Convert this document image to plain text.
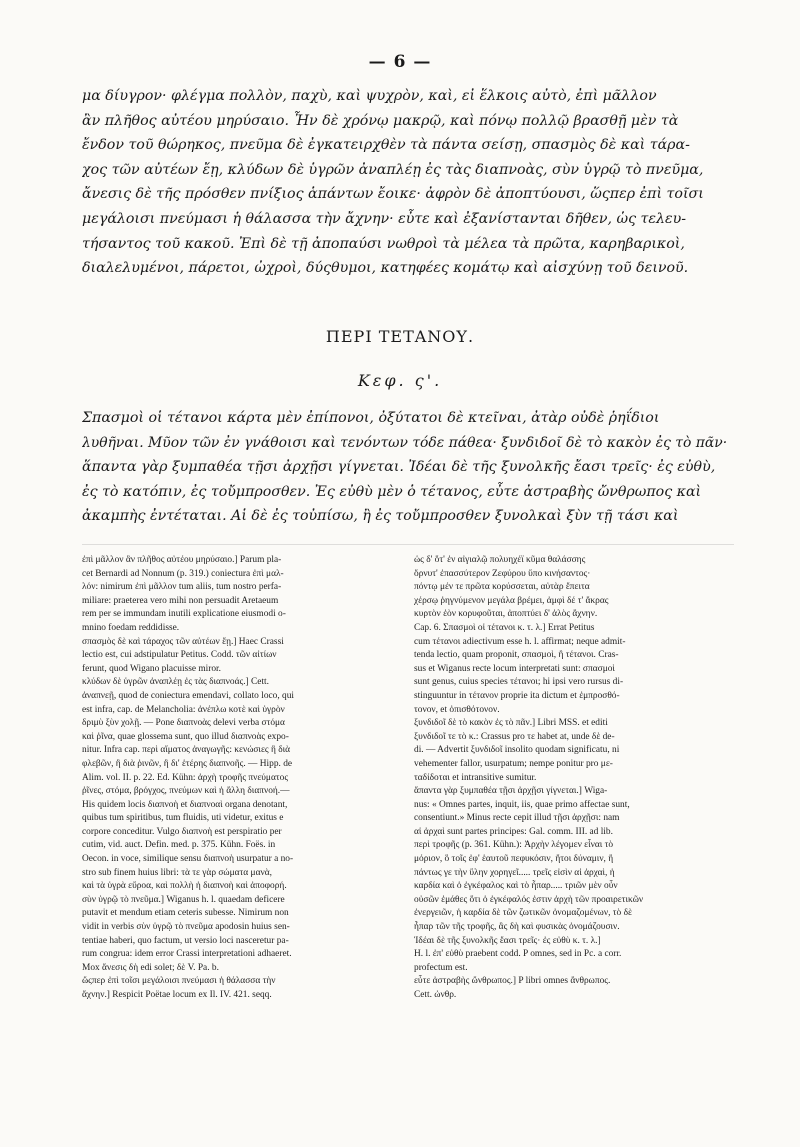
— 6 —
μα δίυγρον· φλέγμα πολλὸν, παχὺ, καὶ ψυχρὸν, καὶ, εἰ ἕλκοις αὐτὸ, ἐπὶ μᾶλλον
ἂν πλῆθος αὐτέου μηρύσαιο. Ἦν δὲ χρόνῳ μακρῷ, καὶ πόνῳ πολλῷ βρασθῇ μὲν τὰ
ἔνδον τοῦ θώρηκος, πνεῦμα δὲ ἐγκατειρχθὲν τὰ πάντα σείσῃ, σπασμὸς δὲ καὶ τάρα-
χος τῶν αὐτέων ἔῃ, κλύδων δὲ ὑγρῶν ἀναπλέῃ ἐς τὰς διαπνοὰς, σὺν ὑγρῷ τὸ πνεῦμα,
ἄνεσις δὲ τῆς πρόσθεν πνίξιος ἁπάντων ἔοικε· ἀφρὸν δὲ ἀποπτύουσι, ὥςπερ ἐπὶ τοῖσι
μεγάλοισι πνεύμασι ἡ θάλασσα τὴν ἄχνην· εὖτε καὶ ἐξανίστανται δῆθεν, ὡς τελευ-
τήσαντος τοῦ κακοῦ. Ἐπὶ δὲ τῇ ἀποπαύσι νωθροὶ τὰ μέλεα τὰ πρῶτα, καρηβαρικοὶ,
διαλελυμένοι, πάρετοι, ὠχροὶ, δύςθυμοι, κατηφέες κομάτῳ καὶ αἰσχύνῃ τοῦ δεινοῦ.
ΠΕΡΙ ΤΕΤΑΝΟΥ.
Κεφ. ς'.
Σπασμοὶ οἱ τέτανοι κάρτα μὲν ἐπίπονοι, ὀξύτατοι δὲ κτεῖναι, ἀτὰρ οὐδὲ ῥηΐδιοι
λυθῆναι. Μῦον τῶν ἐν γνάθοισι καὶ τενόντων τόδε πάθεα· ξυνδιδοῖ δὲ τὸ κακὸν ἐς τὸ πᾶν·
ἅπαντα γὰρ ξυμπαθέα τῇσι ἀρχῇσι γίγνεται. Ἰδέαι δὲ τῆς ξυνολκῆς ἔασι τρεῖς· ἐς εὐθὺ,
ἐς τὸ κατόπιν, ἐς τοὔμπροσθεν. Ἐς εὐθὺ μὲν ὁ τέτανος, εὖτε ἀστραβὴς ὤνθρωπος καὶ
ἀκαμπὴς ἐντέταται. Αἱ δὲ ἐς τοὐπίσω, ἢ ἐς τοὔμπροσθεν ξυνολκαὶ ξὺν τῇ τάσι καὶ
ἐπὶ μᾶλλον ἂν πλῆθος αὐτέου μηρύσαιο.] Parum pla-
cet Bernardi ad Nonnum (p. 319.) coniectura ἐπὶ μαλ-
λόν: nimirum ἐπὶ μᾶλλον tum aliis, tum nostro perfa-
miliare: praeterea vero mihi non persuadit Aretaeum
rem per se immundam inutili explicatione eiusmodi o-
mnino foedam reddidisse.
σπασμὸς δὲ καὶ τάραχος τῶν αὐτέων ἔῃ.] Haec Crassi
lectio est, cui adstipulatur Petitus. Codd. τῶν αἰτίων
ferunt, quod Wigano placuisse miror.
κλύδων δὲ ὑγρῶν ἀναπλέῃ ἐς τὰς διαπνοάς.] Cett.
ἀναπνεῇ, quod de coniectura emendavi, collato loco, qui
est infra, cap. de Melancholia: ἀνέπλω κοτὲ καὶ ὑγρὸν
δριμὺ ξὺν χολῇ. — Pone διαπνοὰς delevi verba στόμα
καὶ ῥῖνα, quae glossema sunt, quo illud διαπνοὰς expo-
nitur. Infra cap. περὶ αἵματος ἀναγωγῆς: κενώσιες ἢ διὰ
φλεβῶν, ἢ διὰ ῥινῶν, ἢ δι' ἑτέρης διαπνοῆς. — Hipp. de
Alim. vol. II. p. 22. Ed. Kühn: ἀρχὴ τροφῆς πνεύματος
ῥῖνες, στόμα, βρόγχος, πνεύμων καὶ ἡ ἄλλη διαπνοή.—
His quidem locis διαπνοὴ et διαπνοαὶ organa denotant,
quibus tum spiritibus, tum fluidis, uti videtur, exitus e
corpore conceditur. Vulgo διαπνοὴ est perspiratio per
cutim, vid. auct. Defin. med. p. 375. Kühn. Foës. in
Oecon. in voce, similique sensu διαπνοὴ usurpatur a no-
stro sub finem huius libri: τὰ τε γὰρ σώματα μανὰ,
καὶ τὰ ὑγρὰ εὔροα, καὶ πολλὴ ἡ διαπνοὴ καὶ ἀποφορή.
σὺν ὑγρῷ τὸ πνεῦμα.] Wiganus h. l. quaedam deficere
putavit et mendum etiam ceteris subesse. Nimirum non
vidit in verbis σὺν ὑγρῷ τὸ πνεῦμα apodosin huius sen-
tentiae haberi, quo factum, ut versio loci nasceretur pa-
rum congrua: idem error Crassi interpretationi adhaeret.
Mox ἄνεσις δὴ edi solet; δὲ V. Pa. b.
ὥςπερ ἐπὶ τοῖσι μεγάλοισι πνεύμασι ἡ θάλασσα τὴν
ἄχνην.] Respicit Poëtae locum ex Il. IV. 421. seqq.
ὡς δ' ὅτ' ἐν αἰγιαλῷ πολυηχέϊ κῦμα θαλάσσης
ὄρνυτ' ἐπασσύτερον Ζεφύρου ὕπο κινήσαντος·
πόντῳ μέν τε πρῶτα κορύσσεται, αὐτὰρ ἔπειτα
χέρσῳ ῥηγνύμενον μεγάλα βρέμει, ἀμφὶ δέ τ' ἄκρας
κυρτὸν ἐὸν κορυφοῦται, ἀποπτύει δ' ἁλὸς ἄχνην.
Cap. 6. Σπασμοὶ οἱ τέτανοι κ. τ. λ.] Errat Petitus
cum τέτανοι adiectivum esse h. l. affirmat; neque admit-
tenda lectio, quam proponit, σπασμοὶ, ἢ τέτανοι. Cras-
sus et Wiganus recte locum interpretati sunt: σπασμοὶ
sunt genus, cuius species τέτανοι; hi ipsi vero rursus di-
stinguuntur in τέτανον proprie ita dictum et ἐμπροσθό-
τονον, et ὀπισθότονον.
ξυνδιδοῖ δὲ τὸ κακὸν ἐς τὸ πᾶν.] Libri MSS. et editi
ξυνδιδοῖ τε τὸ κ.: Crassus pro τε habet at, unde δὲ de-
di. — Advertit ξυνδιδοῖ insolito quodam significatu, ni
vehementer fallor, usurpatum; nempe ponitur pro με-
ταδίδοται et intransitive sumitur.
ἅπαντα γὰρ ξυμπαθέα τῇσι ἀρχῇσι γίγνεται.] Wiga-
nus: « Omnes partes, inquit, iis, quae primo affectae sunt,
consentiunt.» Minus recte cepit illud τῇσι ἀρχῇσι: nam
αἱ ἀρχαὶ sunt partes principes: Gal. comm. III. ad lib.
περὶ τροφῆς (p. 361. Kühn.): Ἀρχὴν λέγομεν εἶναι τὸ
μόριον, ὃ τοῖς ἐφ' ἑαυτοῦ πεφυκόσιν, ἤτοι δύναμιν, ἢ
πάντως γε τὴν ὕλην χορηγεῖ..... τρεῖς εἰσὶν αἱ ἀρχαὶ, ἡ
καρδία καὶ ὁ ἐγκέφαλος καὶ τὸ ἧπαρ..... τριῶν μὲν οὖν
οὐσῶν ἐμάθες ὅτι ὁ ἐγκέφαλός ἐστιν ἀρχὴ τῶν προαιρετικῶν
ἐνεργειῶν, ἡ καρδία δὲ τῶν ζωτικῶν ὀνομαζομένων, τὸ δὲ
ἧπαρ τῶν τῆς τροφῆς, ἃς δὴ καὶ φυσικὰς ὀνομάζουσιν.
Ἰδέαι δὲ τῆς ξυνολκῆς ἔασι τρεῖς· ἐς εὐθὺ κ. τ. λ.]
H. l. ἐπ' εὐθὺ praebent codd. P omnes, sed in Pc. a corr.
profectum est.
εὖτε ἀστραβὴς ὤνθρωπος.] P libri omnes ἄνθρωπος.
Cett. ὠνθρ.
